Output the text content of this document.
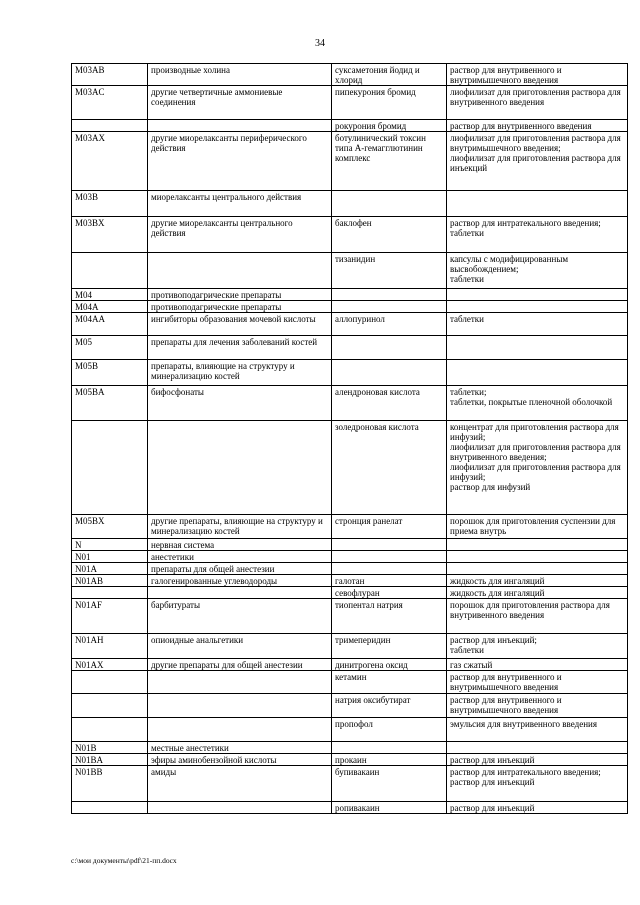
34
M03AB	производные холина	суксаметония йодид и хлорид	раствор для внутривенного и внутримышечного введения

M03AC	другие четвертичные аммониевые соединения	пипекурония бромид	лиофилизат для приготовления раствора для внутривенного введения

		рокурония бромид	раствор для внутривенного введения

M03AX	другие миорелаксанты периферического действия	ботулинический токсин типа А-гемагглютинин комплекс	лиофилизат для приготовления раствора для внутримышечного введения;
лиофилизат для приготовления раствора для инъекций

M03B	миорелаксанты центрального действия		

M03BX	другие миорелаксанты центрального действия	баклофен	раствор для интратекального введения;
таблетки

		тизанидин	капсулы с модифицированным высвобождением;
таблетки

M04	противоподагрические препараты		

M04A	противоподагрические препараты		

M04AA	ингибиторы образования мочевой кислоты	аллопуринол	таблетки

M05	препараты для лечения заболеваний костей		

M05B	препараты, влияющие на структуру и минерализацию костей		

M05BA	бифосфонаты	алендроновая кислота	таблетки;
таблетки, покрытые пленочной оболочкой

		золедроновая кислота	концентрат для приготовления раствора для инфузий;
лиофилизат для приготовления раствора для внутривенного введения;
лиофилизат для приготовления раствора для инфузий;
раствор для инфузий

M05BX	другие препараты, влияющие на структуру и минерализацию костей	стронция ранелат	порошок для приготовления суспензии для приема внутрь

N	нервная система		

N01	анестетики		

N01A	препараты для общей анестезии		

N01AB	галогенированные углеводороды	галотан	жидкость для ингаляций

		севофлуран	жидкость для ингаляций

N01AF	барбитураты	тиопентал натрия	порошок для приготовления раствора для внутривенного введения

N01AH	опиоидные анальгетики	тримеперидин	раствор для инъекций;
таблетки

N01AX	другие препараты для общей анестезии	динитрогена оксид	газ сжатый

		кетамин	раствор для внутривенного и внутримышечного введения

		натрия оксибутират	раствор для внутривенного и внутримышечного введения

		пропофол	эмульсия для внутривенного введения

N01B	местные анестетики		

N01BA	эфиры аминобензойной кислоты	прокаин	раствор для инъекций

N01BB	амиды	бупивакаин	раствор для интратекального введения;
раствор для инъекций

		ропивакаин	раствор для инъекций
c:\мои документы\pdf\21-пп.docx
